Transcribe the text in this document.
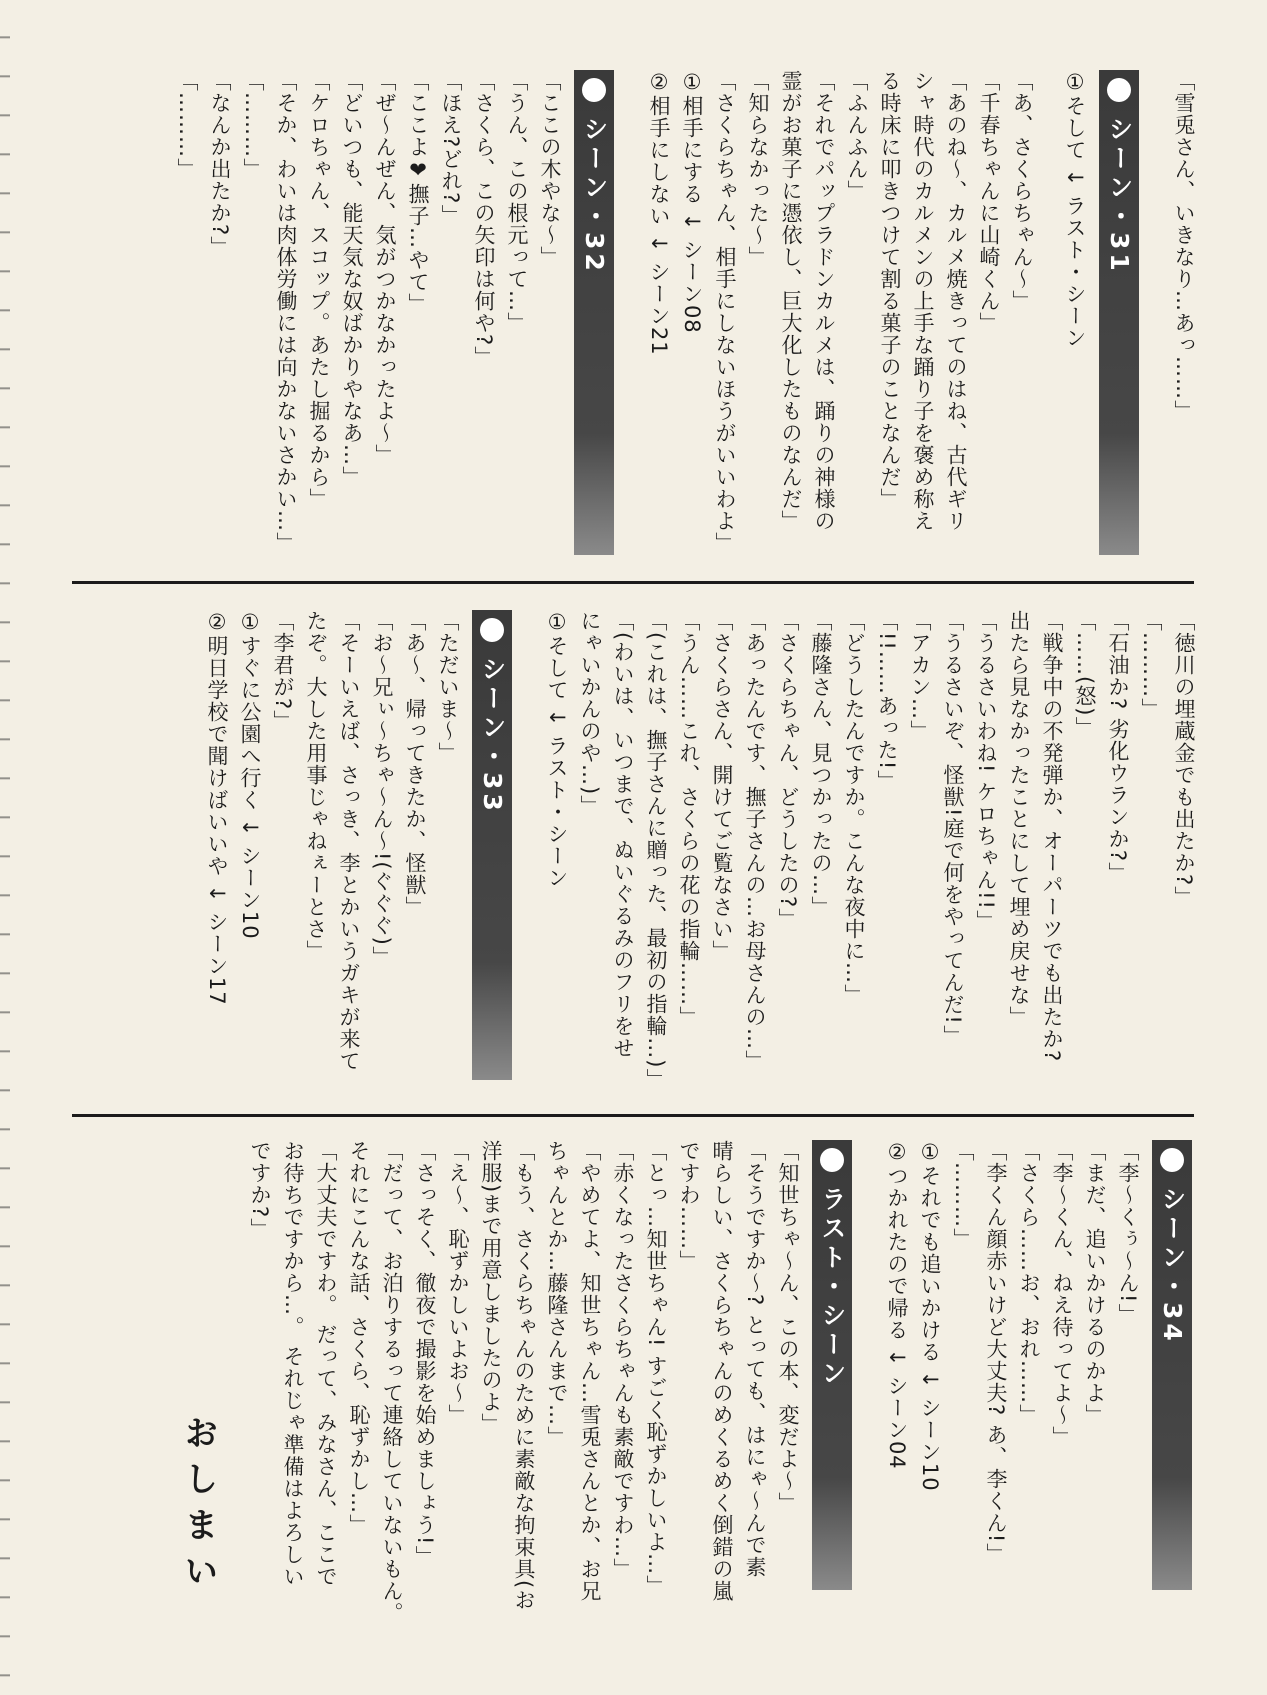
「雪兎さん、いきなり…あっ……」
シーン・31
①そして ↓ ラスト・シーン
「あ、さくらちゃん〜」
「千春ちゃんに山崎くん」
「あのね〜、カルメ焼きってのはね、古代ギリ
シャ時代のカルメンの上手な踊り子を褒め称え
る時床に叩きつけて割る菓子のことなんだ」
「ふんふん」
「それでパップラドンカルメは、踊りの神様の
霊がお菓子に憑依し、巨大化したものなんだ」
「知らなかった〜」
「さくらちゃん、相手にしないほうがいいわよ」
①相手にする ↓ シーン08
②相手にしない ↓ シーン21
シーン・32
「ここの木やな〜」
「うん、この根元って…」
「さくら、この矢印は何や?」
「ほえ?どれ?」
「ここよ❤撫子…やて」
「ぜ〜んぜん、気がつかなかったよ〜」
「どいつも、能天気な奴ばかりやなあ…」
「ケロちゃん、スコップ。あたし掘るから」
「そか、わいは肉体労働には向かないさかい…」
「………」
「なんか出たか?」
「………」
「徳川の埋蔵金でも出たか?」
「………」
「石油か? 劣化ウランか?」
「……(怒)」
「戦争中の不発弾か、オーパーツでも出たか?
出たら見なかったことにして埋め戻せな」
「うるさいわね! ケロちゃん!!」
「うるさいぞ、怪獣!庭で何をやってんだ!」
「アカン…」
「!!……あった!」
「どうしたんですか。こんな夜中に…」
「藤隆さん、見つかったの…」
「さくらちゃん、どうしたの?」
「あったんです、撫子さんの…お母さんの…」
「さくらさん、開けてご覧なさい」
「うん……これ、さくらの花の指輪……」
「(これは、撫子さんに贈った、最初の指輪…)」
「(わいは、いつまで、ぬいぐるみのフリをせ
にゃいかんのや…)」
①そして ↓ ラスト・シーン
シーン・33
「ただいま〜」
「あ〜、帰ってきたか、怪獣」
「お〜兄ぃ〜ちゃ〜ん〜!(ぐぐぐ)」
「そーいえば、さっき、李とかいうガキが来て
たぞ。大した用事じゃねぇーとさ」
「李君が?」
①すぐに公園へ行く ↓ シーン10
②明日学校で聞けばいいや ↓ シーン17
シーン・34
「李〜くぅ〜ん!」
「まだ、追いかけるのかよ」
「李〜くん、ねえ待ってよ〜」
「さくら……お、おれ……」
「李くん顔赤いけど大丈夫? あ、李くん!」
「………」
①それでも追いかける ↓ シーン10
②つかれたので帰る ↓ シーン04
ラスト・シーン
「知世ちゃ〜ん、この本、変だよ〜」
「そうですか〜? とっても、はにゃ〜んで素
晴らしい、さくらちゃんのめくるめく倒錯の嵐
ですわ……」
「とっ…知世ちゃん! すごく恥ずかしいよ…」
「赤くなったさくらちゃんも素敵ですわ…」
「やめてよ、知世ちゃん…雪兎さんとか、お兄
ちゃんとか…藤隆さんまで…」
「もう、さくらちゃんのために素敵な拘束具(お
洋服)まで用意しましたのよ」
「え〜、恥ずかしいよお〜」
「さっそく、徹夜で撮影を始めましょう!」
「だって、お泊りするって連絡していないもん。
それにこんな話、さくら、恥ずかし…」
「大丈夫ですわ。 だって、みなさん、ここで
お待ちですから…。 それじゃ準備はよろしい
ですか?」
おしまい
